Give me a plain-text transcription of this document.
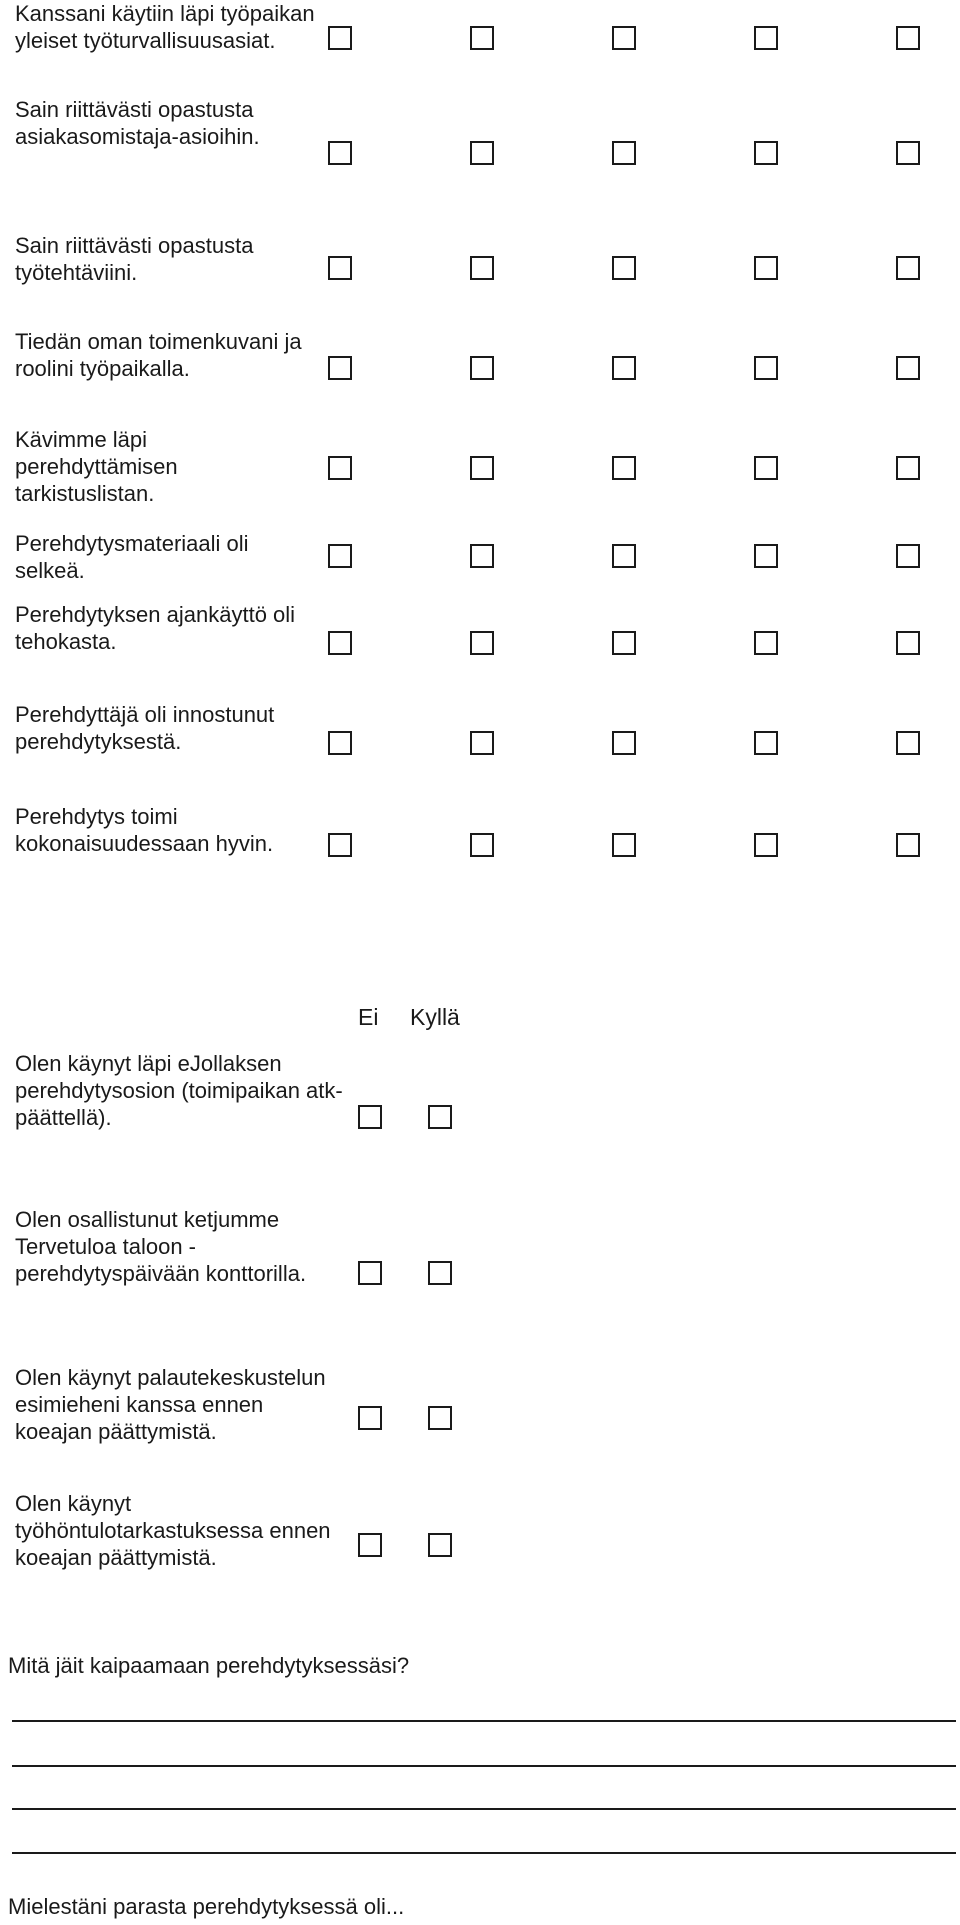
Kanssani käytiin läpi työpaikan yleiset työturvallisuusasiat.
Sain riittävästi opastusta asiakasomistaja-asioihin.
Sain riittävästi opastusta työtehtäviini.
Tiedän oman toimenkuvani ja roolini työpaikalla.
Kävimme läpi perehdyttämisen tarkistuslistan.
Perehdytysmateriaali oli selkeä.
Perehdytyksen ajankäyttö oli tehokasta.
Perehdyttäjä oli innostunut perehdytyksestä.
Perehdytys toimi kokonaisuudessaan hyvin.
Ei Kyllä
Olen käynyt läpi eJollaksen perehdytysosion (toimipaikan atk-päättellä).
Olen osallistunut ketjumme Tervetuloa taloon -perehdytyspäivään konttorilla.
Olen käynyt palautekeskustelun esimieheni kanssa ennen koeajan päättymistä.
Olen käynyt työhöntulotarkastuksessa ennen koeajan päättymistä.
Mitä jäit kaipaamaan perehdytyksessäsi?
Mielestäni parasta perehdytyksessä oli...
